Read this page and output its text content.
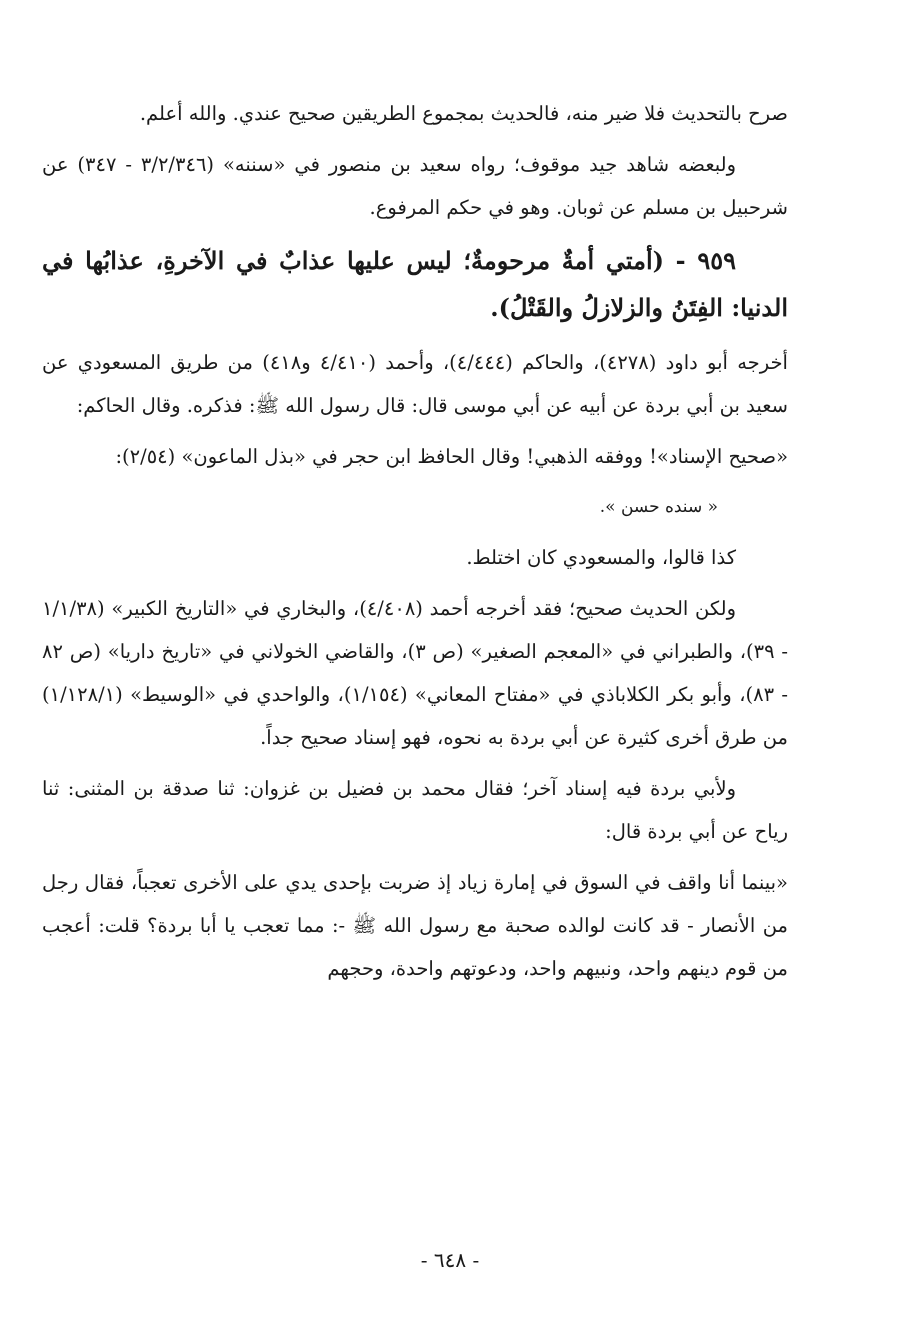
صرح بالتحديث فلا ضير منه، فالحديث بمجموع الطريقين صحيح عندي. والله أعلم.

ولبعضه شاهد جيد موقوف؛ رواه سعيد بن منصور في «سننه» (٣/٢/٣٤٦ - ٣٤٧) عن شرحبيل بن مسلم عن ثوبان. وهو في حكم المرفوع.

٩٥٩ - (أمتي أمةٌ مرحومةٌ؛ ليس عليها عذابٌ في الآخرةِ، عذابُها في الدنيا: الفِتَنُ والزلازلُ والقَتْلُ).

أخرجه أبو داود (٤٢٧٨)، والحاكم (٤/٤٤٤)، وأحمد (٤/٤١٠ و٤١٨) من طريق المسعودي عن سعيد بن أبي بردة عن أبيه عن أبي موسى قال: قال رسول الله ﷺ: فذكره. وقال الحاكم:

«صحيح الإسناد»! ووفقه الذهبي! وقال الحافظ ابن حجر في «بذل الماعون» (٢/٥٤):

« سنده حسن ».

كذا قالوا، والمسعودي كان اختلط.

ولكن الحديث صحيح؛ فقد أخرجه أحمد (٤/٤٠٨)، والبخاري في «التاريخ الكبير» (١/١/٣٨ - ٣٩)، والطبراني في «المعجم الصغير» (ص ٣)، والقاضي الخولاني في «تاريخ داريا» (ص ٨٢ - ٨٣)، وأبو بكر الكلاباذي في «مفتاح المعاني» (١/١٥٤)، والواحدي في «الوسيط» (١/١٢٨/١) من طرق أخرى كثيرة عن أبي بردة به نحوه، فهو إسناد صحيح جداً.

ولأبي بردة فيه إسناد آخر؛ فقال محمد بن فضيل بن غزوان: ثنا صدقة بن المثنى: ثنا رياح عن أبي بردة قال:

«بينما أنا واقف في السوق في إمارة زياد إذ ضربت بإحدى يدي على الأخرى تعجباً، فقال رجل من الأنصار - قد كانت لوالده صحبة مع رسول الله ﷺ -: مما تعجب يا أبا بردة؟ قلت: أعجب من قوم دينهم واحد، ونبيهم واحد، ودعوتهم واحدة، وحجهم

- ٦٤٨ -
